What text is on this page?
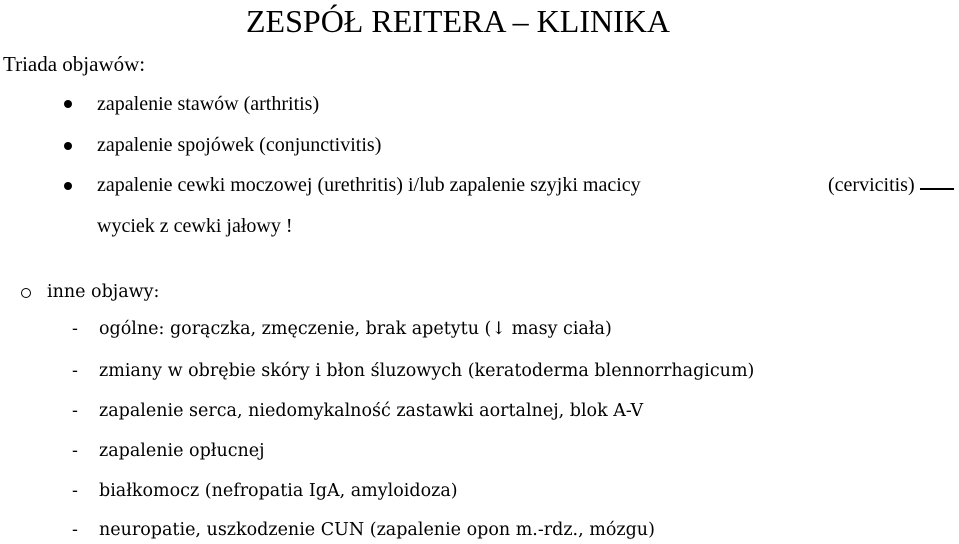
ZESPÓŁ REITERA – KLINIKA
Triada objawów:
zapalenie stawów (arthritis)
zapalenie spojówek (conjunctivitis)
zapalenie cewki moczowej (urethritis) i/lub zapalenie szyjki macicy	(cervicitis)
wyciek z cewki jałowy !
inne objawy:
- ogólne: gorączka, zmęczenie, brak apetytu (↓ masy ciała)
- zmiany w obrębie skóry i błon śluzowych (keratoderma blennorrhagicum)
- zapalenie serca, niedomykalność zastawki aortalnej, blok A-V
- zapalenie opłucnej
- białkomocz (nefropatia IgA, amyloidoza)
- neuropatie, uszkodzenie CUN (zapalenie opon m.-rdz., mózgu)
